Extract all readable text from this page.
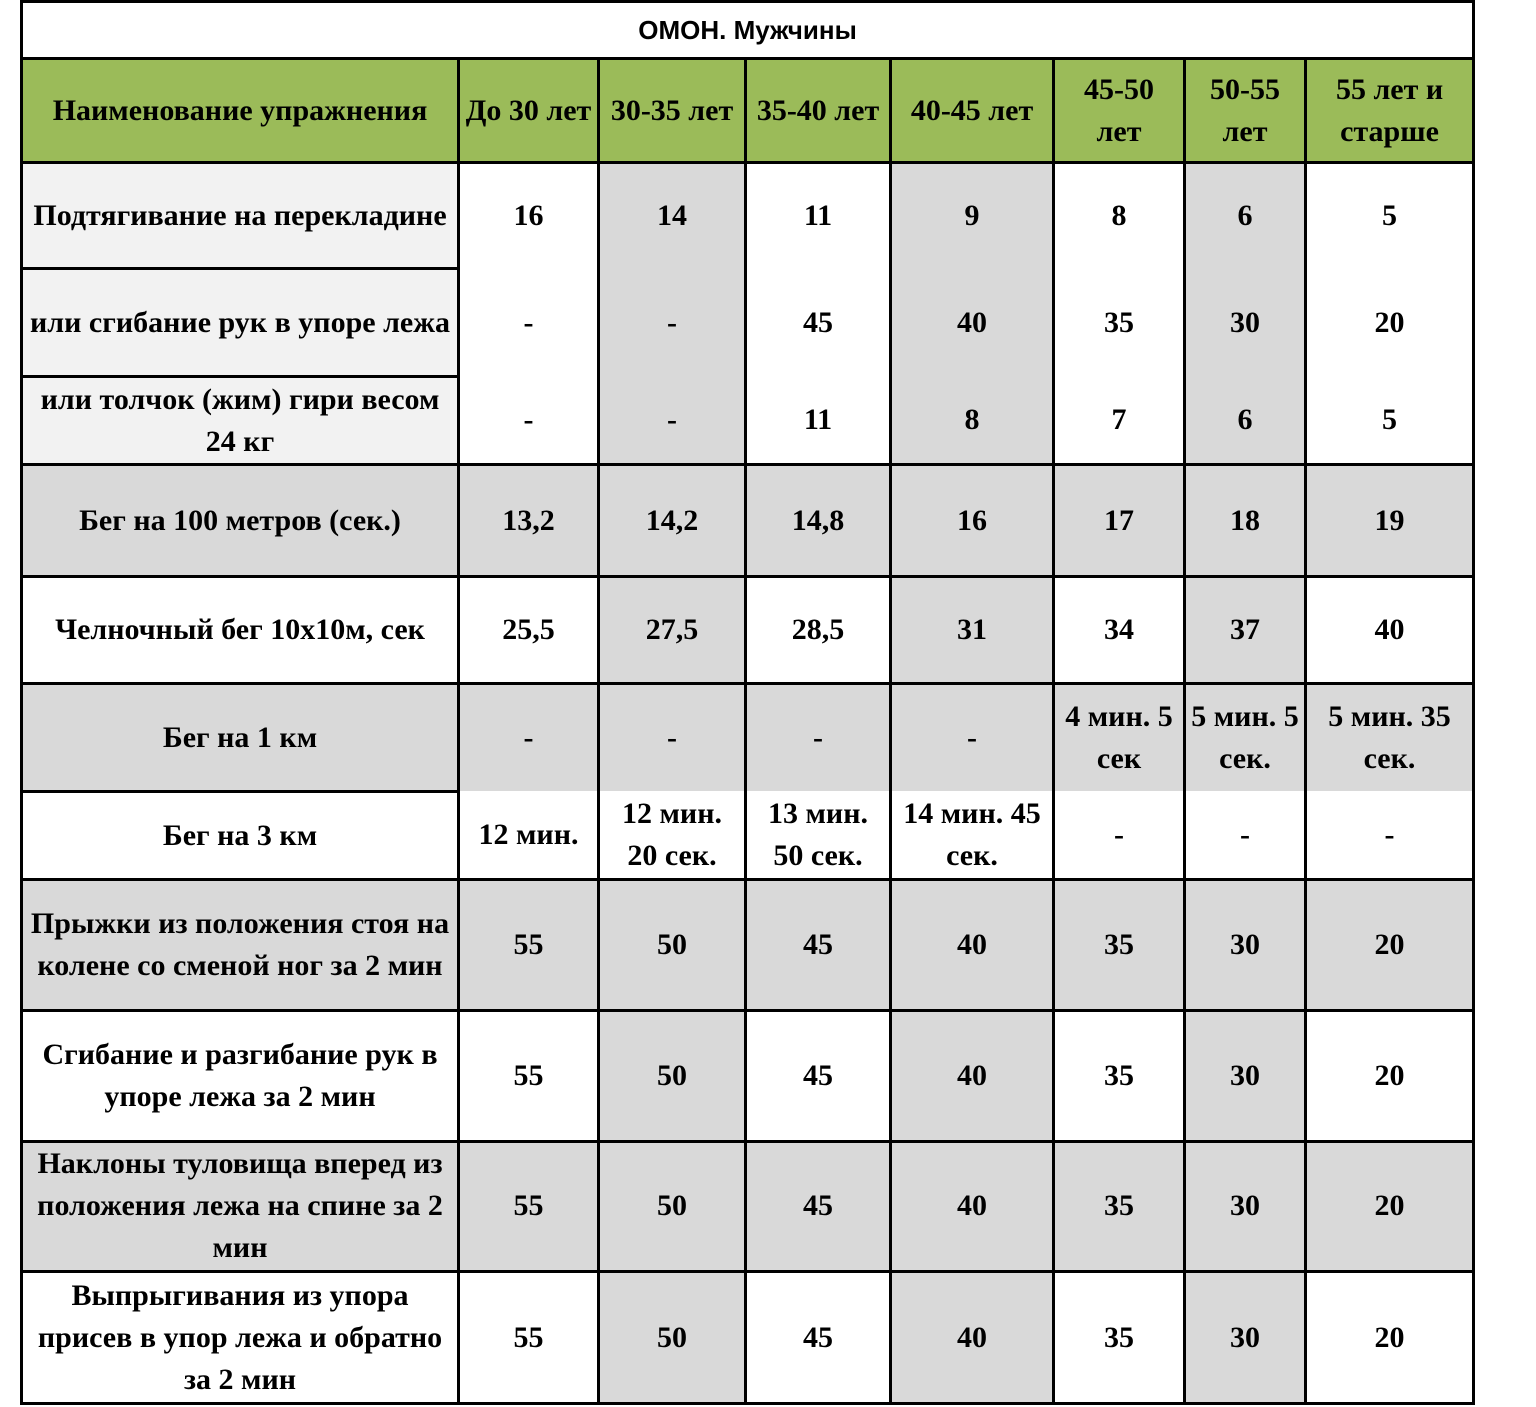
ОМОН. Мужчины							
Наименование упражнения	До 30 лет	30-35 лет	35-40 лет	40-45 лет	45-50 лет	50-55 лет	55 лет и старше
Подтягивание на перекладине	16	14	11	9	8	6	5
или сгибание рук в упоре лежа	-	-	45	40	35	30	20
или толчок (жим) гири весом 24 кг	-	-	11	8	7	6	5
Бег на 100 метров (сек.)	13,2	14,2	14,8	16	17	18	19
Челночный бег 10х10м, сек	25,5	27,5	28,5	31	34	37	40
Бег на 1 км	-	-	-	-	4 мин. 5 сек	5 мин. 5 сек.	5 мин. 35 сек.
Бег на 3 км	12 мин.	12 мин. 20 сек.	13 мин. 50 сек.	14 мин. 45 сек.	-	-	-
Прыжки из положения стоя на колене со сменой ног за 2 мин	55	50	45	40	35	30	20
Сгибание и разгибание рук в упоре лежа за 2 мин	55	50	45	40	35	30	20
Наклоны туловища вперед из положения лежа на спине за 2 мин	55	50	45	40	35	30	20
Выпрыгивания из упора присев в упор лежа и обратно за 2 мин	55	50	45	40	35	30	20
